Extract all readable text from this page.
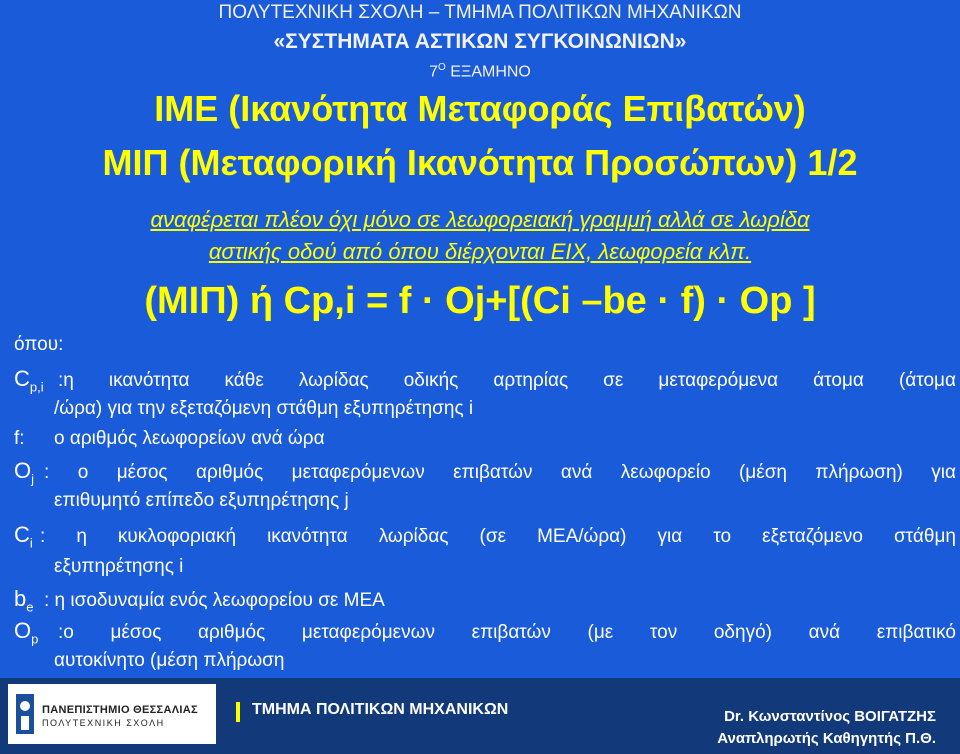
ΠΟΛΥΤΕΧΝΙΚΗ ΣΧΟΛΗ – ΤΜΗΜΑ ΠΟΛΙΤΙΚΩΝ ΜΗΧΑΝΙΚΩΝ
«ΣΥΣΤΗΜΑΤΑ ΑΣΤΙΚΩΝ ΣΥΓΚΟΙΝΩΝΙΩΝ»
$7^O$ ΕΞΑΜΗΝΟ
ΙΜΕ (Ικανότητα Μεταφοράς Επιβατών)
ΜΙΠ (Μεταφορική Ικανότητα Προσώπων) 1/2
αναφέρεται πλέον όχι μόνο σε λεωφορειακή γραμμή αλλά σε λωρίδα
αστικής οδού από όπου διέρχονται ΕΙΧ, λεωφορεία κλπ.
(ΜΙΠ) ή Cp,i = f · Oj+[(Ci –be · f) · Op ]
όπου:
$C_{p,i}$ :η ικανότητα κάθε λωρίδας οδικής αρτηρίας σε μεταφερόμενα άτομα (άτομα
/ώρα) για την εξεταζόμενη στάθμη εξυπηρέτησης i
f: ο αριθμός λεωφορείων ανά ώρα
$O_j$ : ο μέσος αριθμός μεταφερόμενων επιβατών ανά λεωφορείο (μέση πλήρωση) για
επιθυμητό επίπεδο εξυπηρέτησης j
$C_i$ : η κυκλοφοριακή ικανότητα λωρίδας (σε ΜΕΑ/ώρα) για το εξεταζόμενο στάθμη
εξυπηρέτησης i
$b_e$ : η ισοδυναμία ενός λεωφορείου σε ΜΕΑ
$O_p$ :ο μέσος αριθμός μεταφερόμενων επιβατών (με τον οδηγό) ανά επιβατικό
αυτοκίνητο (μέση πλήρωση
ΠΑΝΕΠΙΣΤΗΜΙΟ ΘΕΣΣΑΛΙΑΣ
ΠΟΛΥΤΕΧΝΙΚΗ ΣΧΟΛΗ
ΤΜΗΜΑ ΠΟΛΙΤΙΚΩΝ ΜΗΧΑΝΙΚΩΝ	Dr. Κωνσταντίνος ΒΟΙΓΑΤΖΗΣ
Αναπληρωτής Καθηγητής Π.Θ.
